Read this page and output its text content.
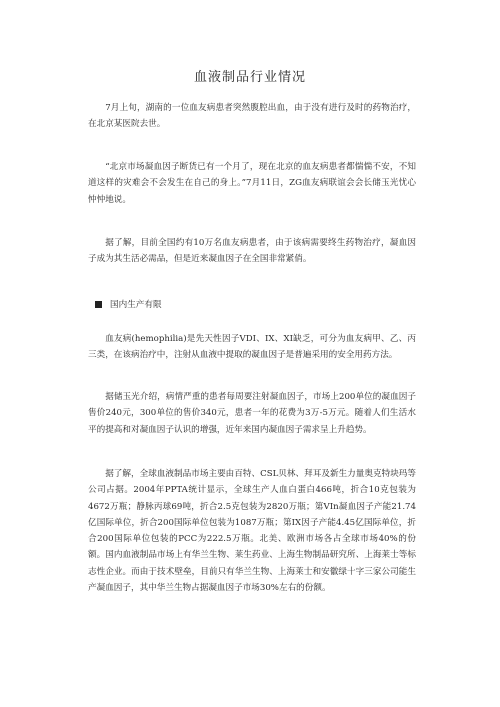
血液制品行业情况

7月上旬，湖南的一位血友病患者突然腹腔出血，由于没有进行及时的药物治疗，在北京某医院去世。

“北京市场凝血因子断货已有一个月了，现在北京的血友病患者都惴惴不安，不知道这样的灾难会不会发生在自己的身上。”7月11日，ZG血友病联谊会会长储玉光忧心忡忡地说。

据了解，目前全国约有10万名血友病患者，由于该病需要终生药物治疗，凝血因子成为其生活必需品，但是近来凝血因子在全国非常紧俏。

国内生产有限

血友病(hemophilia)是先天性因子VDI、IX、XI缺乏，可分为血友病甲、乙、丙三类，在该病治疗中，注射从血液中提取的凝血因子是普遍采用的安全用药方法。

据储玉光介绍，病情严重的患者每周要注射凝血因子，市场上200单位的凝血因子售价240元，300单位的售价340元，患者一年的花费为3万-5万元。随着人们生活水平的提高和对凝血因子认识的增强，近年来国内凝血因子需求呈上升趋势。

据了解，全球血液制品市场主要由百特、CSL贝林、拜耳及新生力量奥克特块玛等公司占据。2004年PPTA统计显示，全球生产人血白蛋白466吨，折合10克包装为4672万瓶；静脉丙球69吨，折合2.5克包装为2820万瓶；第VIn凝血因子产能21.74亿国际单位，折合200国际单位包装为1087万瓶；第IX因子产能4.45亿国际单位，折合200国际单位包装的PCC为222.5万瓶。北美、欧洲市场各占全球市场40%的份额。国内血液制品市场上有华兰生物、莱生药业、上海生物制品研究所、上海莱士等标志性企业。而由于技术壁垒，目前只有华兰生物、上海莱士和安徽绿十字三家公司能生产凝血因子，其中华兰生物占据凝血因子市场30%左右的份额。
